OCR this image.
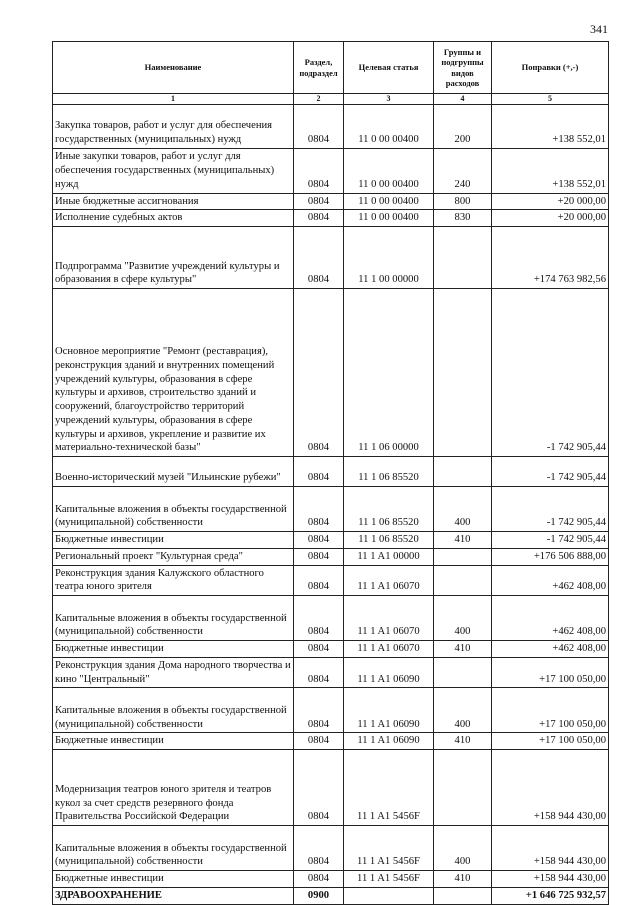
341
Наименование	Раздел, подраздел	Целевая статья	Группы и подгруппы видов расходов	Поправки (+,-)
1	2	3	4	5
Закупка товаров, работ и услуг для обеспечения государственных (муниципальных) нужд	0804	11 0 00 00400	200	+138 552,01
Иные закупки товаров, работ и услуг для обеспечения государственных (муниципальных) нужд	0804	11 0 00 00400	240	+138 552,01
Иные бюджетные ассигнования	0804	11 0 00 00400	800	+20 000,00
Исполнение судебных актов	0804	11 0 00 00400	830	+20 000,00
Подпрограмма "Развитие учреждений культуры и образования в сфере культуры"	0804	11 1 00 00000		+174 763 982,56
Основное мероприятие "Ремонт (реставрация), реконструкция зданий и внутренних помещений учреждений культуры, образования в сфере культуры и архивов, строительство зданий и сооружений, благоустройство территорий учреждений культуры, образования в сфере культуры и архивов, укрепление и развитие их материально-технической базы"	0804	11 1 06 00000		-1 742 905,44
Военно-исторический музей "Ильинские рубежи"	0804	11 1 06 85520		-1 742 905,44
Капитальные вложения в объекты государственной (муниципальной) собственности	0804	11 1 06 85520	400	-1 742 905,44
Бюджетные инвестиции	0804	11 1 06 85520	410	-1 742 905,44
Региональный проект "Культурная среда"	0804	11 1 A1 00000		+176 506 888,00
Реконструкция здания Калужского областного театра юного зрителя	0804	11 1 A1 06070		+462 408,00
Капитальные вложения в объекты государственной (муниципальной) собственности	0804	11 1 A1 06070	400	+462 408,00
Бюджетные инвестиции	0804	11 1 A1 06070	410	+462 408,00
Реконструкция здания Дома народного творчества и кино "Центральный"	0804	11 1 A1 06090		+17 100 050,00
Капитальные вложения в объекты государственной (муниципальной) собственности	0804	11 1 A1 06090	400	+17 100 050,00
Бюджетные инвестиции	0804	11 1 A1 06090	410	+17 100 050,00
Модернизация театров юного зрителя и театров кукол за счет средств резервного фонда Правительства Российской Федерации	0804	11 1 A1 5456F		+158 944 430,00
Капитальные вложения в объекты государственной (муниципальной) собственности	0804	11 1 A1 5456F	400	+158 944 430,00
Бюджетные инвестиции	0804	11 1 A1 5456F	410	+158 944 430,00
ЗДРАВООХРАНЕНИЕ	0900			+1 646 725 932,57
